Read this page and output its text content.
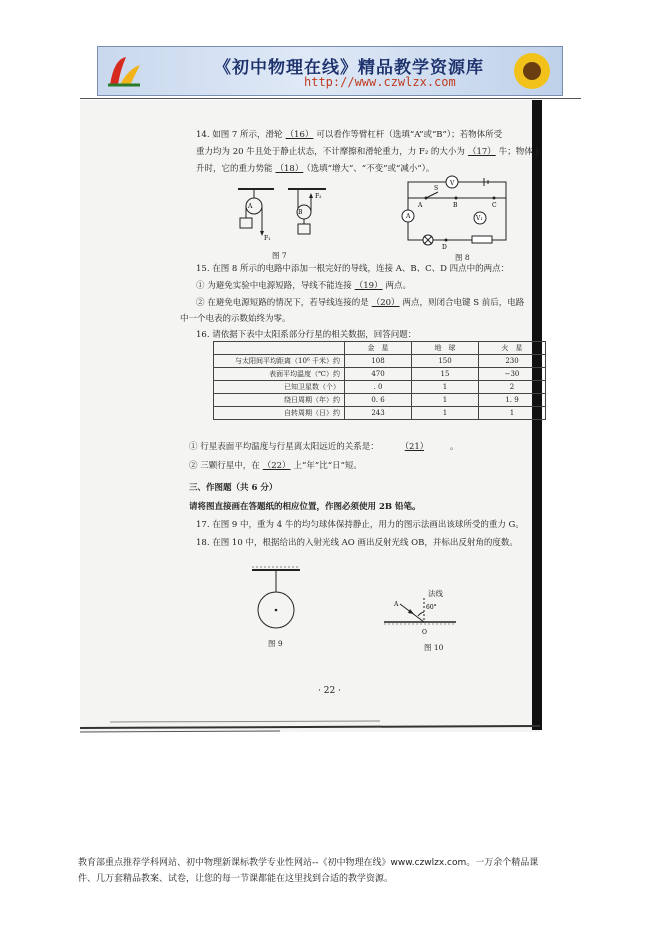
《初中物理在线》精品教学资源库
http://www.czwlzx.com
14. 如图 7 所示，滑轮 （16） 可以看作等臂杠杆（选填“A”或“B”）；若物体所受
重力均为 20 牛且处于静止状态，不计摩擦和滑轮重力，力 F₂ 的大小为 （17） 牛；物体上
升时，它的重力势能 （18） （选填“增大”、“不变”或“减小”）。
A
B
F₁
F₂
图 7
V
S
A	B	C
A	V₁
D
图 8
15. 在图 8 所示的电路中添加一根完好的导线，连接 A、B、C、D 四点中的两点：
① 为避免实验中电源短路，导线不能连接 （19） 两点。
② 在避免电源短路的情况下，若导线连接的是 （20） 两点，则闭合电键 S 前后，电路
中一个电表的示数始终为零。
16. 请依据下表中太阳系部分行星的相关数据，回答问题：
	金　星	地　球	火　星
与太阳间平均距离（10⁶ 千米）约	108	150	230
表面平均温度（℃）约	470	15	−30
已知卫星数（个）	. 0	1	2
绕日周期（年）约	0. 6	1	1. 9
自转周期（日）约	243	1	1
① 行星表面平均温度与行星离太阳远近的关系是：	（21）	。
② 三颗行星中，在 （22） 上“年”比“日”短。
三、作图题（共 6 分）
请将图直接画在答题纸的相应位置，作图必须使用 2B 铅笔。
17. 在图 9 中，重为 4 牛的均匀球体保持静止，用力的图示法画出该球所受的重力 G。
18. 在图 10 中，根据给出的入射光线 AO 画出反射光线 OB，并标出反射角的度数。
图 9
A	60°
O
法线
图 10
· 22 ·
教育部重点推荐学科网站、初中物理新课标教学专业性网站--《初中物理在线》www.czwlzx.com。一万余个精品课
件、几万套精品教案、试卷，让您的每一节课都能在这里找到合适的教学资源。
